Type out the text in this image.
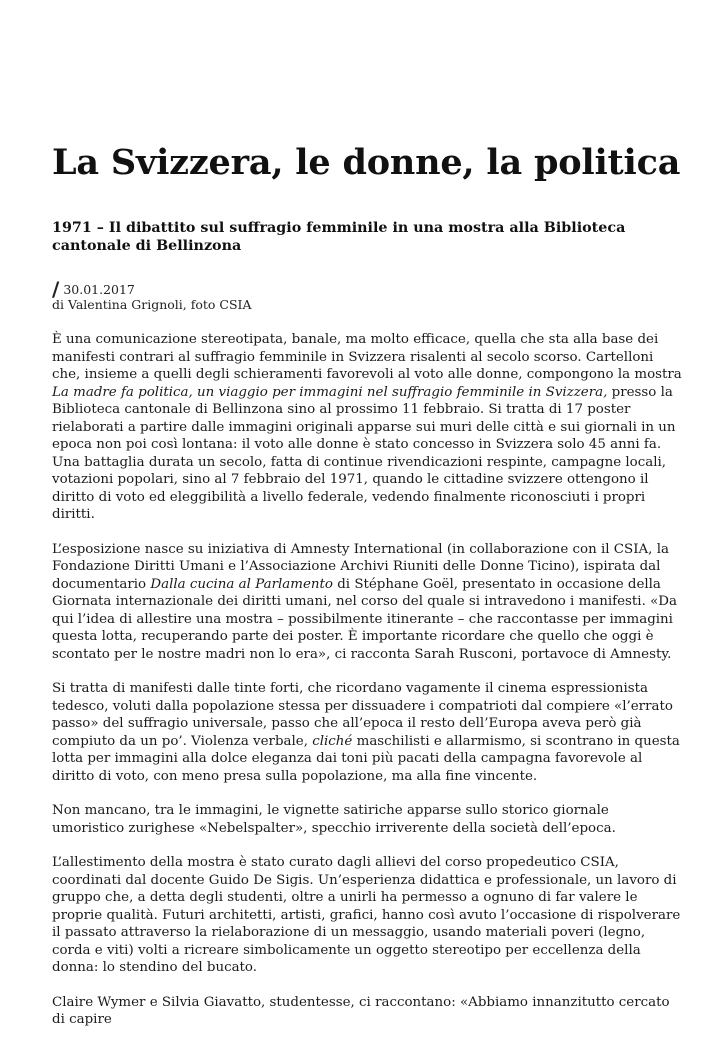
La Svizzera, le donne, la politica
1971 – Il dibattito sul suffragio femminile in una mostra alla Biblioteca cantonale di Bellinzona
/ 30.01.2017
di Valentina Grignoli, foto CSIA

È una comunicazione stereotipata, banale, ma molto efficace, quella che sta alla base dei manifesti contrari al suffragio femminile in Svizzera risalenti al secolo scorso. Cartelloni che, insieme a quelli degli schieramenti favorevoli al voto alle donne, compongono la mostra La madre fa politica, un viaggio per immagini nel suffragio femminile in Svizzera, presso la Biblioteca cantonale di Bellinzona sino al prossimo 11 febbraio. Si tratta di 17 poster rielaborati a partire dalle immagini originali apparse sui muri delle città e sui giornali in un epoca non poi così lontana: il voto alle donne è stato concesso in Svizzera solo 45 anni fa. Una battaglia durata un secolo, fatta di continue rivendicazioni respinte, campagne locali, votazioni popolari, sino al 7 febbraio del 1971, quando le cittadine svizzere ottengono il diritto di voto ed eleggibilità a livello federale, vedendo finalmente riconosciuti i propri diritti.

L’esposizione nasce su iniziativa di Amnesty International (in collaborazione con il CSIA, la Fondazione Diritti Umani e l’Associazione Archivi Riuniti delle Donne Ticino), ispirata dal documentario Dalla cucina al Parlamento di Stéphane Goël, presentato in occasione della Giornata internazionale dei diritti umani, nel corso del quale si intravedono i manifesti. «Da qui l’idea di allestire una mostra – possibilmente itinerante – che raccontasse per immagini questa lotta, recuperando parte dei poster. È importante ricordare che quello che oggi è scontato per le nostre madri non lo era», ci racconta Sarah Rusconi, portavoce di Amnesty.

Si tratta di manifesti dalle tinte forti, che ricordano vagamente il cinema espressionista tedesco, voluti dalla popolazione stessa per dissuadere i compatrioti dal compiere «l’errato passo» del suffragio universale, passo che all’epoca il resto dell’Europa aveva però già compiuto da un po’. Violenza verbale, cliché maschilisti e allarmismo, si scontrano in questa lotta per immagini alla dolce eleganza dai toni più pacati della campagna favorevole al diritto di voto, con meno presa sulla popolazione, ma alla fine vincente.

Non mancano, tra le immagini, le vignette satiriche apparse sullo storico giornale umoristico zurighese «Nebelspalter», specchio irriverente della società dell’epoca.

L’allestimento della mostra è stato curato dagli allievi del corso propedeutico CSIA, coordinati dal docente Guido De Sigis. Un’esperienza didattica e professionale, un lavoro di gruppo che, a detta degli studenti, oltre a unirli ha permesso a ognuno di far valere le proprie qualità. Futuri architetti, artisti, grafici, hanno così avuto l’occasione di rispolverare il passato attraverso la rielaborazione di un messaggio, usando materiali poveri (legno, corda e viti) volti a ricreare simbolicamente un oggetto stereotipo per eccellenza della donna: lo stendino del bucato.

Claire Wymer e Silvia Giavatto, studentesse, ci raccontano: «Abbiamo innanzitutto cercato di capire
